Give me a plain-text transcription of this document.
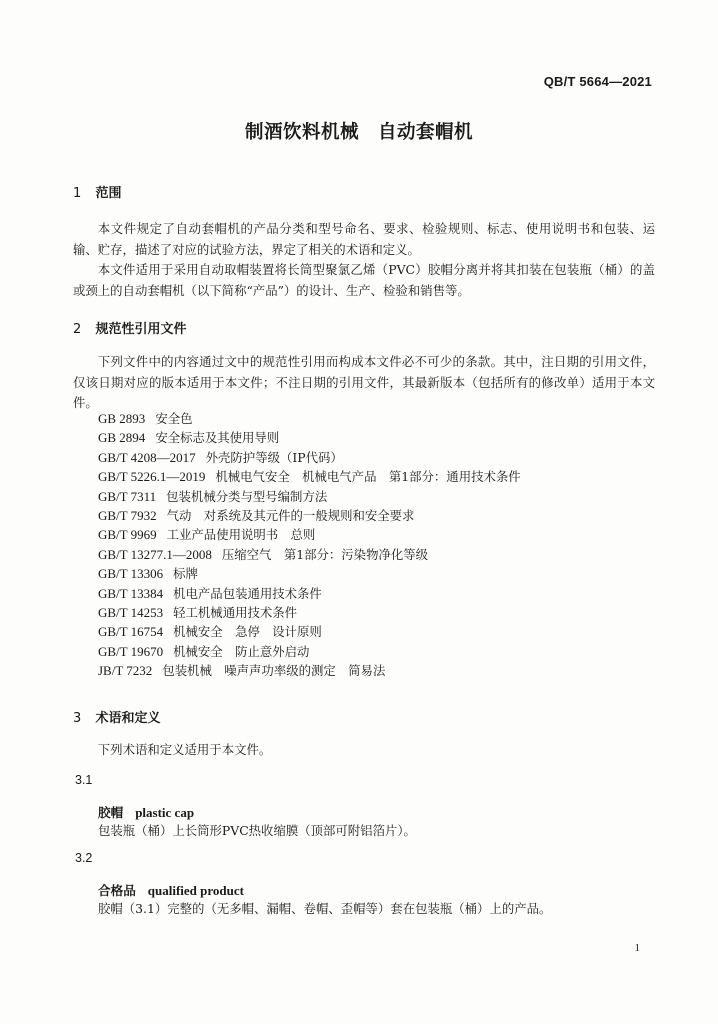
QB/T 5664—2021
制酒饮料机械　自动套帽机
1 范围
本文件规定了自动套帽机的产品分类和型号命名、要求、检验规则、标志、使用说明书和包装、运输、贮存，描述了对应的试验方法，界定了相关的术语和定义。
本文件适用于采用自动取帽装置将长筒型聚氯乙烯（PVC）胶帽分离并将其扣装在包装瓶（桶）的盖或颈上的自动套帽机（以下简称“产品”）的设计、生产、检验和销售等。
2 规范性引用文件
下列文件中的内容通过文中的规范性引用而构成本文件必不可少的条款。其中，注日期的引用文件，仅该日期对应的版本适用于本文件；不注日期的引用文件，其最新版本（包括所有的修改单）适用于本文件。
GB 2893 安全色
GB 2894 安全标志及其使用导则
GB/T 4208—2017 外壳防护等级（IP代码）
GB/T 5226.1—2019 机械电气安全　机械电气产品　第1部分：通用技术条件
GB/T 7311 包装机械分类与型号编制方法
GB/T 7932 气动　对系统及其元件的一般规则和安全要求
GB/T 9969 工业产品使用说明书　总则
GB/T 13277.1—2008 压缩空气　第1部分：污染物净化等级
GB/T 13306 标牌
GB/T 13384 机电产品包装通用技术条件
GB/T 14253 轻工机械通用技术条件
GB/T 16754 机械安全　急停　设计原则
GB/T 19670 机械安全　防止意外启动
JB/T 7232 包装机械　噪声声功率级的测定　简易法
3 术语和定义
下列术语和定义适用于本文件。
3.1
胶帽 plastic cap
包装瓶（桶）上长筒形PVC热收缩膜（顶部可附铝箔片）。
3.2
合格品 qualified product
胶帽（3.1）完整的（无多帽、漏帽、卷帽、歪帽等）套在包装瓶（桶）上的产品。
1
